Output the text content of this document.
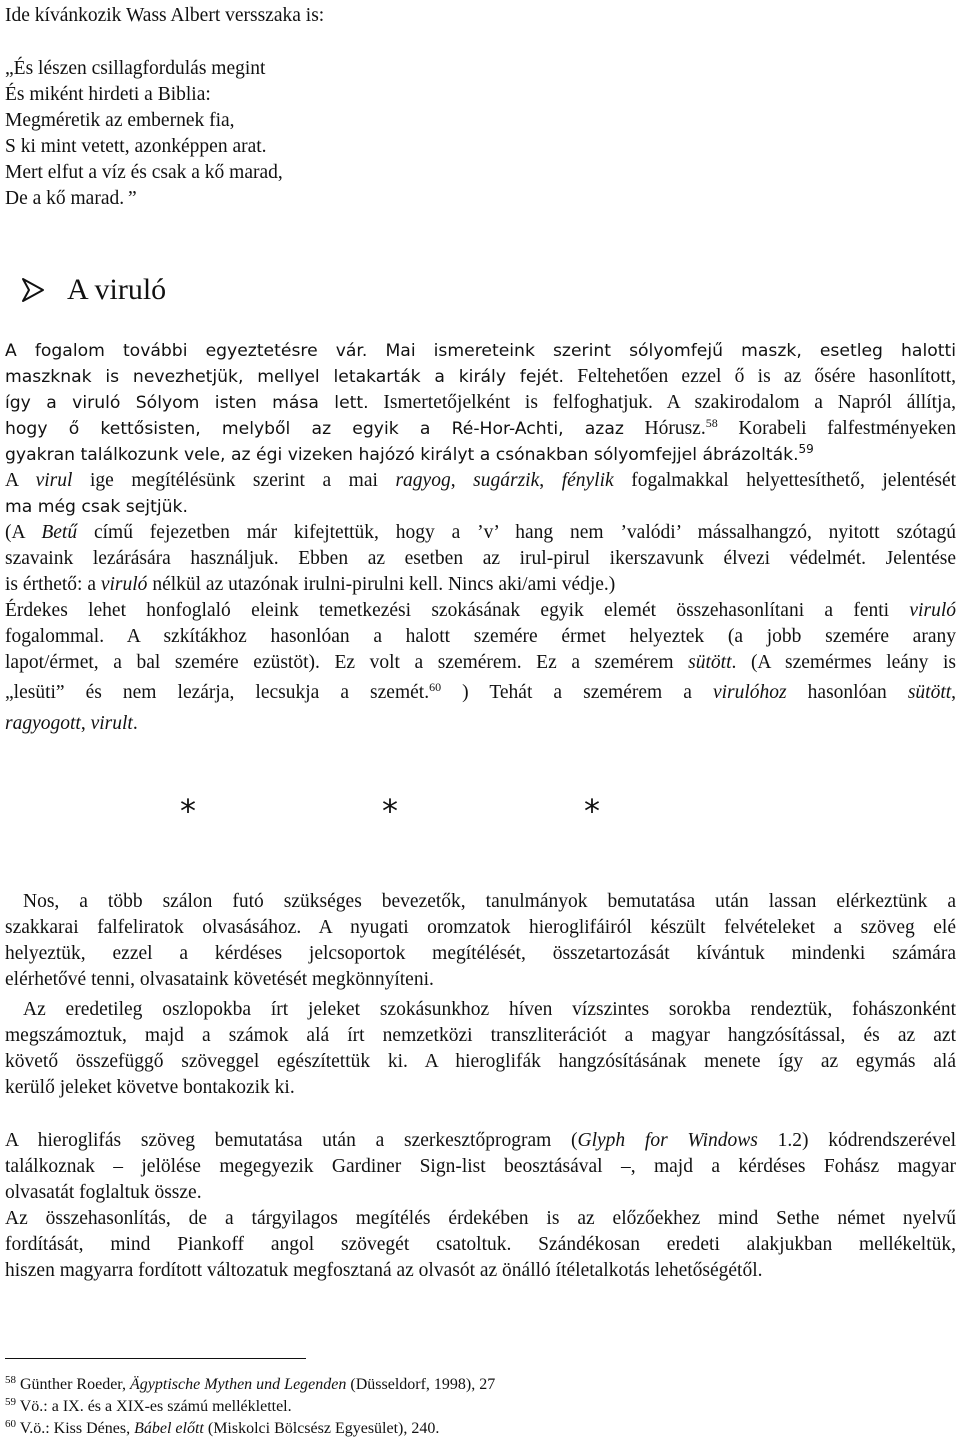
Ide kívánkozik Wass Albert versszaka is:
„És lészen csillagfordulás megint
És miként hirdeti a Biblia:
Megméretik az embernek fia,
S ki mint vetett, azonképpen arat.
Mert elfut a víz és csak a kő marad,
De a kő marad. ”
A viruló
A fogalom további egyeztetésre vár. Mai ismereteink szerint sólyomfejű maszk, esetleg halotti
maszknak is nevezhetjük, mellyel letakarták a király fejét. Feltehetően ezzel ő is az ősére hasonlított,
így a viruló Sólyom isten mása lett. Ismertetőjelként is felfoghatjuk. A szakirodalom a Napról állítja,
hogy ő kettősisten, melyből az egyik a Ré-Hor-Achti, azaz Hórusz.$^{58}$ Korabeli falfestményeken
gyakran találkozunk vele, az égi vizeken hajózó királyt a csónakban sólyomfejjel ábrázolták.$^{59}$
A virul ige megítélésünk szerint a mai ragyog, sugárzik, fénylik fogalmakkal helyettesíthető, jelentését
ma még csak sejtjük.
(A Betű című fejezetben már kifejtettük, hogy a ’v’ hang nem ’valódi’ mássalhangzó, nyitott szótagú
szavaink lezárására használjuk. Ebben az esetben az irul-pirul ikerszavunk élvezi védelmét. Jelentése
is érthető: a viruló nélkül az utazónak irulni-pirulni kell. Nincs aki/ami védje.)
Érdekes lehet honfoglaló eleink temetkezési szokásának egyik elemét összehasonlítani a fenti viruló
fogalommal. A szkítákhoz hasonlóan a halott szemére érmet helyeztek (a jobb szemére arany
lapot/érmet, a bal szemére ezüstöt). Ez volt a szemérem. Ez a szemérem sütött. (A szemérmes leány is
„lesüti” és nem lezárja, lecsukja a szemét.$^{60}$ ) Tehát a szemérem a virulóhoz hasonlóan sütött,
ragyogott, virult.
*	*	*
Nos, a több szálon futó szükséges bevezetők, tanulmányok bemutatása után lassan elérkeztünk a
szakkarai falfeliratok olvasásához. A nyugati oromzatok hieroglifáiról készült felvételeket a szöveg elé
helyeztük, ezzel a kérdéses jelcsoportok megítélését, összetartozását kívántuk mindenki számára
elérhetővé tenni, olvasataink követését megkönnyíteni.
Az eredetileg oszlopokba írt jeleket szokásunkhoz híven vízszintes sorokba rendeztük, fohászonként
megszámoztuk, majd a számok alá írt nemzetközi transzliterációt a magyar hangzósítással, és az azt
követő összefüggő szöveggel egészítettük ki. A hieroglifák hangzósításának menete így az egymás alá
kerülő jeleket követve bontakozik ki.
A hieroglifás szöveg bemutatása után a szerkesztőprogram (Glyph for Windows 1.2) kódrendszerével
találkoznak – jelölése megegyezik Gardiner Sign-list beosztásával –, majd a kérdéses Fohász magyar
olvasatát foglaltuk össze.
Az összehasonlítás, de a tárgyilagos megítélés érdekében is az előzőekhez mind Sethe német nyelvű
fordítását, mind Piankoff angol szövegét csatoltuk. Szándékosan eredeti alakjukban mellékeltük,
hiszen magyarra fordított változatuk megfosztaná az olvasót az önálló ítéletalkotás lehetőségétől.
$^{58}$ Günther Roeder, Ägyptische Mythen und Legenden (Düsseldorf, 1998), 27
$^{59}$ Vö.: a IX. és a XIX-es számú melléklettel.
$^{60}$ V.ö.: Kiss Dénes, Bábel előtt (Miskolci Bölcsész Egyesület), 240.
